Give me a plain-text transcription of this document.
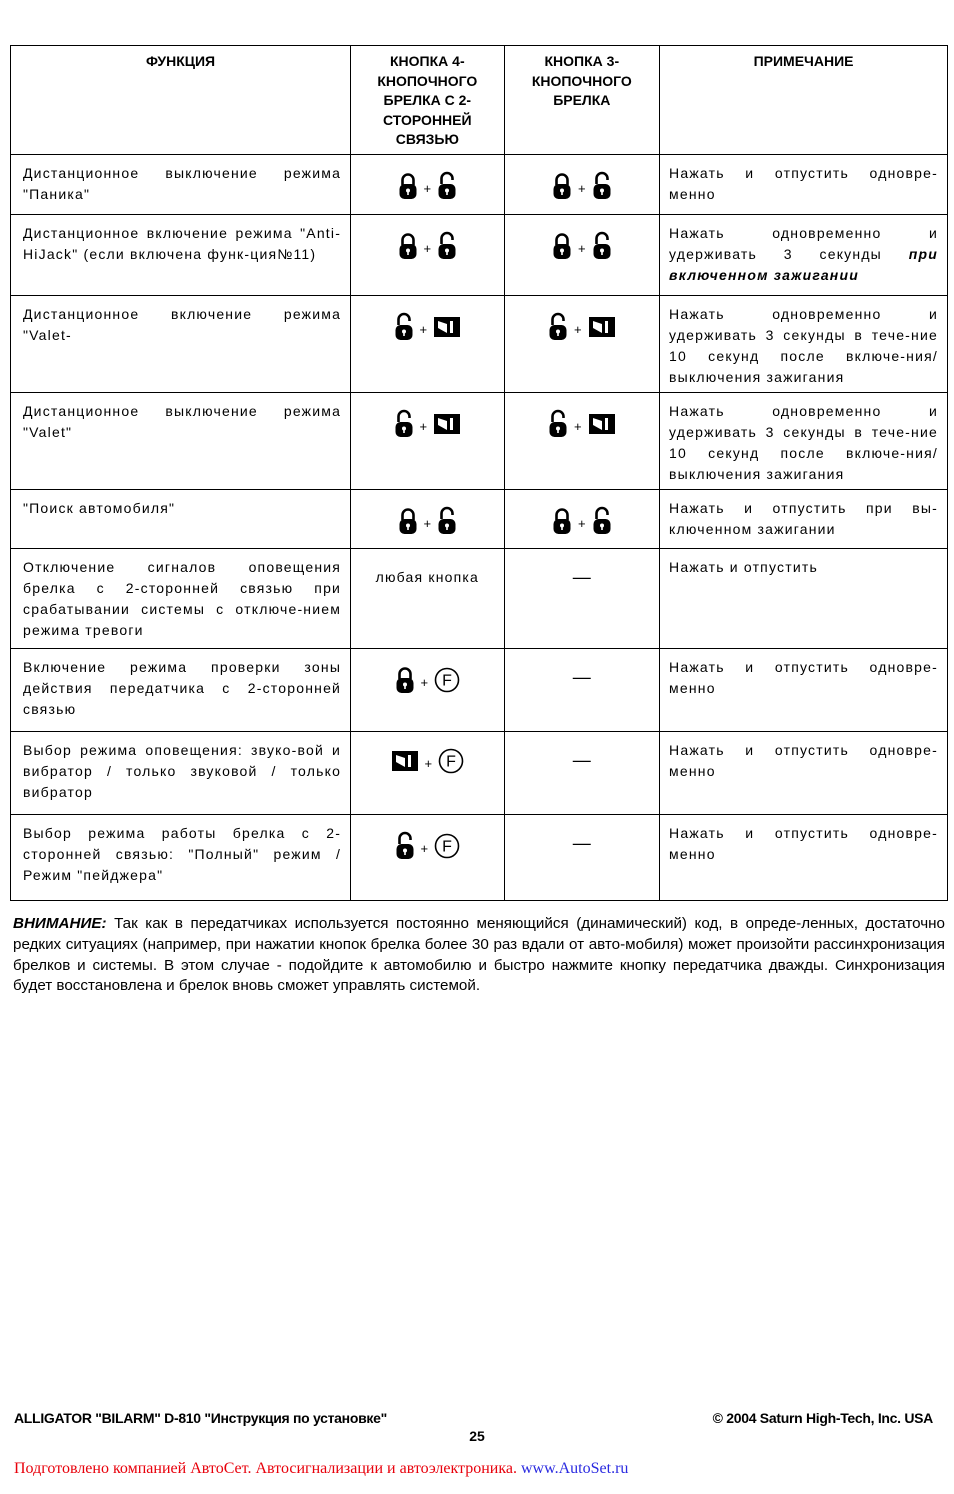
ФУНКЦИЯ	КНОПКА 4-КНОПОЧНОГО БРЕЛКА С 2-СТОРОННЕЙ СВЯЗЬЮ	КНОПКА 3-КНОПОЧНОГО БРЕЛКА	ПРИМЕЧАНИЕ

Дистанционное выключение режима "Паника"	+	+	Нажать и отпустить одновре-менно

Дистанционное включение режима "Anti-HiJack" (если включена функ-ция№11)	+	+	Нажать одновременно и удерживать 3 секунды при включенном зажигании

Дистанционное включение режима "Valet-	+	+	Нажать одновременно и удерживать 3 секунды в тече-ние 10 секунд после включе-ния/выключения зажигания

Дистанционное выключение режима "Valet"	+	+	Нажать одновременно и удерживать 3 секунды в тече-ние 10 секунд после включе-ния/выключения зажигания

"Поиск автомобиля"	+	+	Нажать и отпустить при вы-ключенном зажигании

Отключение сигналов оповещения брелка с 2-сторонней связью при срабатывании системы с отключе-нием режима тревоги	любая кнопка	—	Нажать и отпустить

Включение режима проверки зоны действия передатчика с 2-сторонней связью	+ F	—	Нажать и отпустить одновре-менно

Выбор режима оповещения: звуко-вой и вибратор / только звуковой / только вибратор	+ F	—	Нажать и отпустить одновре-менно

Выбор режима работы брелка с 2-сторонней связью: "Полный" режим / Режим "пейджера"	+ F	—	Нажать и отпустить одновре-менно
ВНИМАНИЕ: Так как в передатчиках используется постоянно меняющийся (динамический) код, в опреде-ленных, достаточно редких ситуациях (например, при нажатии кнопок брелка более 30 раз вдали от авто-мобиля) может произойти рассинхронизация брелков и системы. В этом случае - подойдите к автомобилю и быстро нажмите кнопку передатчика дважды. Синхронизация будет восстановлена и брелок вновь сможет управлять системой.
ALLIGATOR "BILARM" D-810 "Инструкция по установке"	© 2004 Saturn High-Tech, Inc. USA
25
Подготовлено компанией АвтоСет. Автосигнализации и автоэлектроника. www.AutoSet.ru
